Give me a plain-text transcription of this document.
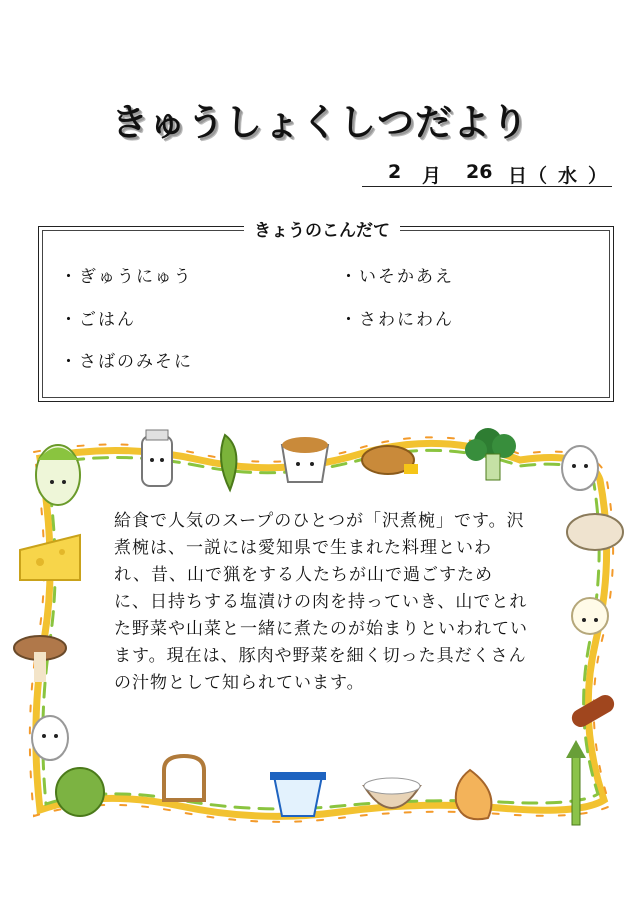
きゅうしょくしつだより
2 月 26 日 （ 水 ）
きょうのこんだて
・ぎゅうにゅう
・ごはん
・さばのみそに
・いそかあえ
・さわにわん
給食で人気のスープのひとつが「沢煮椀」です。沢煮椀は、一説には愛知県で生まれた料理といわれ、昔、山で猟をする人たちが山で過ごすために、日持ちする塩漬けの肉を持っていき、山でとれた野菜や山菜と一緒に煮たのが始まりといわれています。現在は、豚肉や野菜を細く切った具だくさんの汁物として知られています。
